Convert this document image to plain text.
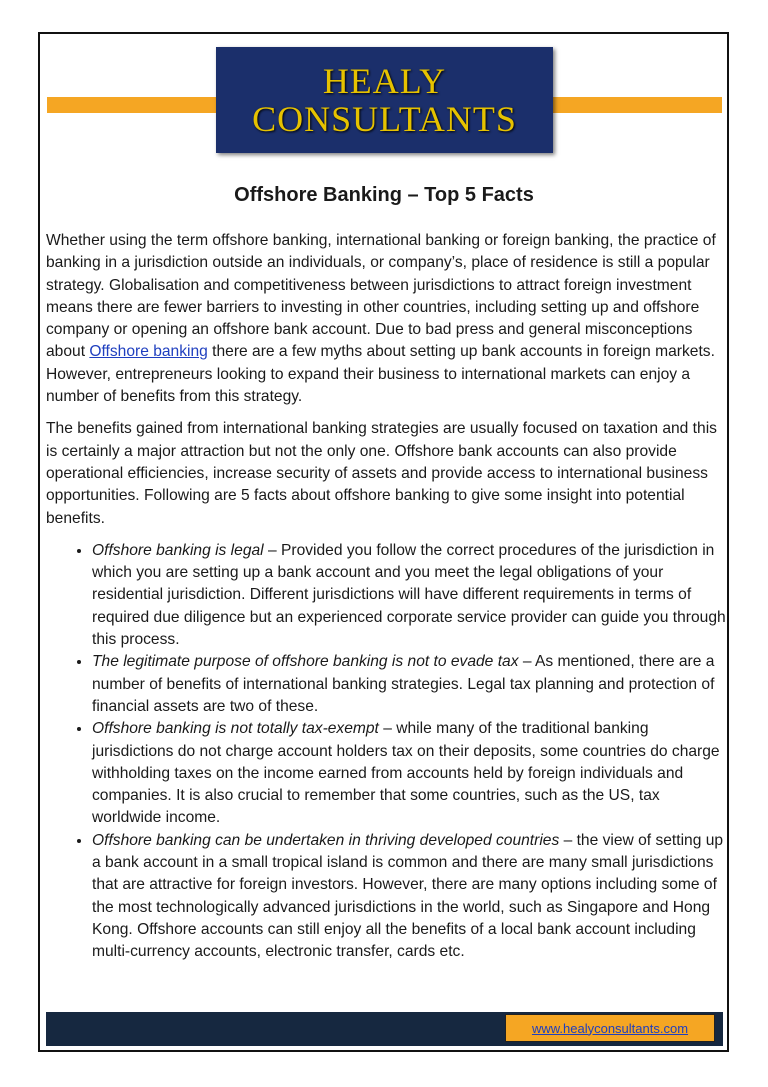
HEALY
CONSULTANTS
Offshore Banking – Top 5 Facts

Whether using the term offshore banking, international banking or foreign banking, the practice of banking in a jurisdiction outside an individuals, or company’s, place of residence is still a popular strategy. Globalisation and competitiveness between jurisdictions to attract foreign investment means there are fewer barriers to investing in other countries, including setting up and offshore company or opening an offshore bank account. Due to bad press and general misconceptions about Offshore banking there are a few myths about setting up bank accounts in foreign markets. However, entrepreneurs looking to expand their business to international markets can enjoy a number of benefits from this strategy.

The benefits gained from international banking strategies are usually focused on taxation and this is certainly a major attraction but not the only one. Offshore bank accounts can also provide operational efficiencies, increase security of assets and provide access to international business opportunities. Following are 5 facts about offshore banking to give some insight into potential benefits.

• Offshore banking is legal – Provided you follow the correct procedures of the jurisdiction in which you are setting up a bank account and you meet the legal obligations of your residential jurisdiction. Different jurisdictions will have different requirements in terms of required due diligence but an experienced corporate service provider can guide you through this process.
• The legitimate purpose of offshore banking is not to evade tax – As mentioned, there are a number of benefits of international banking strategies. Legal tax planning and protection of financial assets are two of these.
• Offshore banking is not totally tax-exempt – while many of the traditional banking jurisdictions do not charge account holders tax on their deposits, some countries do charge withholding taxes on the income earned from accounts held by foreign individuals and companies. It is also crucial to remember that some countries, such as the US, tax worldwide income.
• Offshore banking can be undertaken in thriving developed countries – the view of setting up a bank account in a small tropical island is common and there are many small jurisdictions that are attractive for foreign investors. However, there are many options including some of the most technologically advanced jurisdictions in the world, such as Singapore and Hong Kong. Offshore accounts can still enjoy all the benefits of a local bank account including multi-currency accounts, electronic transfer, cards etc.
www.healyconsultants.com
